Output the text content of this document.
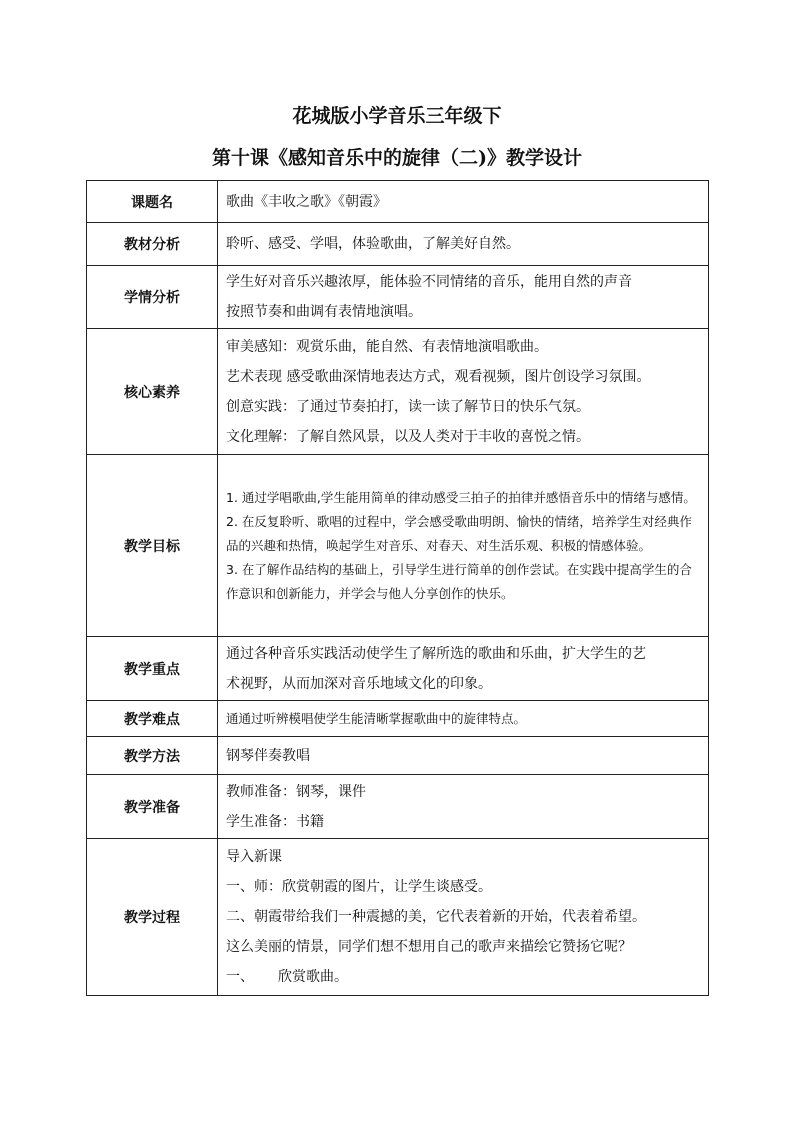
花城版小学音乐三年级下
第十课《感知音乐中的旋律（二)》教学设计
课题名	歌曲《丰收之歌》《朝霞》

教材分析	聆听、感受、学唱，体验歌曲，了解美好自然。

学情分析	学生好对音乐兴趣浓厚，能体验不同情绪的音乐，能用自然的声音
按照节奏和曲调有表情地演唱。

核心素养	审美感知：观赏乐曲，能自然、有表情地演唱歌曲。
艺术表现 感受歌曲深情地表达方式，观看视频，图片创设学习氛围。
创意实践：了通过节奏拍打，读一读了解节日的快乐气氛。
文化理解：了解自然风景，以及人类对于丰收的喜悦之情。

教学目标	1. 通过学唱歌曲,学生能用简单的律动感受三拍子的拍律并感悟音乐中的情绪与感情。
2. 在反复聆听、歌唱的过程中，学会感受歌曲明朗、愉快的情绪，培养学生对经典作品的兴趣和热情，唤起学生对音乐、对春天、对生活乐观、积极的情感体验。
3. 在了解作品结构的基础上，引导学生进行简单的创作尝试。在实践中提高学生的合作意识和创新能力，并学会与他人分享创作的快乐。

教学重点	通过各种音乐实践活动使学生了解所选的歌曲和乐曲，扩大学生的艺
术视野，从而加深对音乐地域文化的印象。

教学难点	通通过听辨模唱使学生能清晰掌握歌曲中的旋律特点。

教学方法	钢琴伴奏教唱

教学准备	教师准备：钢琴，课件
学生准备：书籍

教学过程	导入新课
一、师：欣赏朝霞的图片，让学生谈感受。
二、朝霞带给我们一种震撼的美，它代表着新的开始，代表着希望。
这么美丽的情景，同学们想不想用自己的歌声来描绘它赞扬它呢？
一、 欣赏歌曲。
